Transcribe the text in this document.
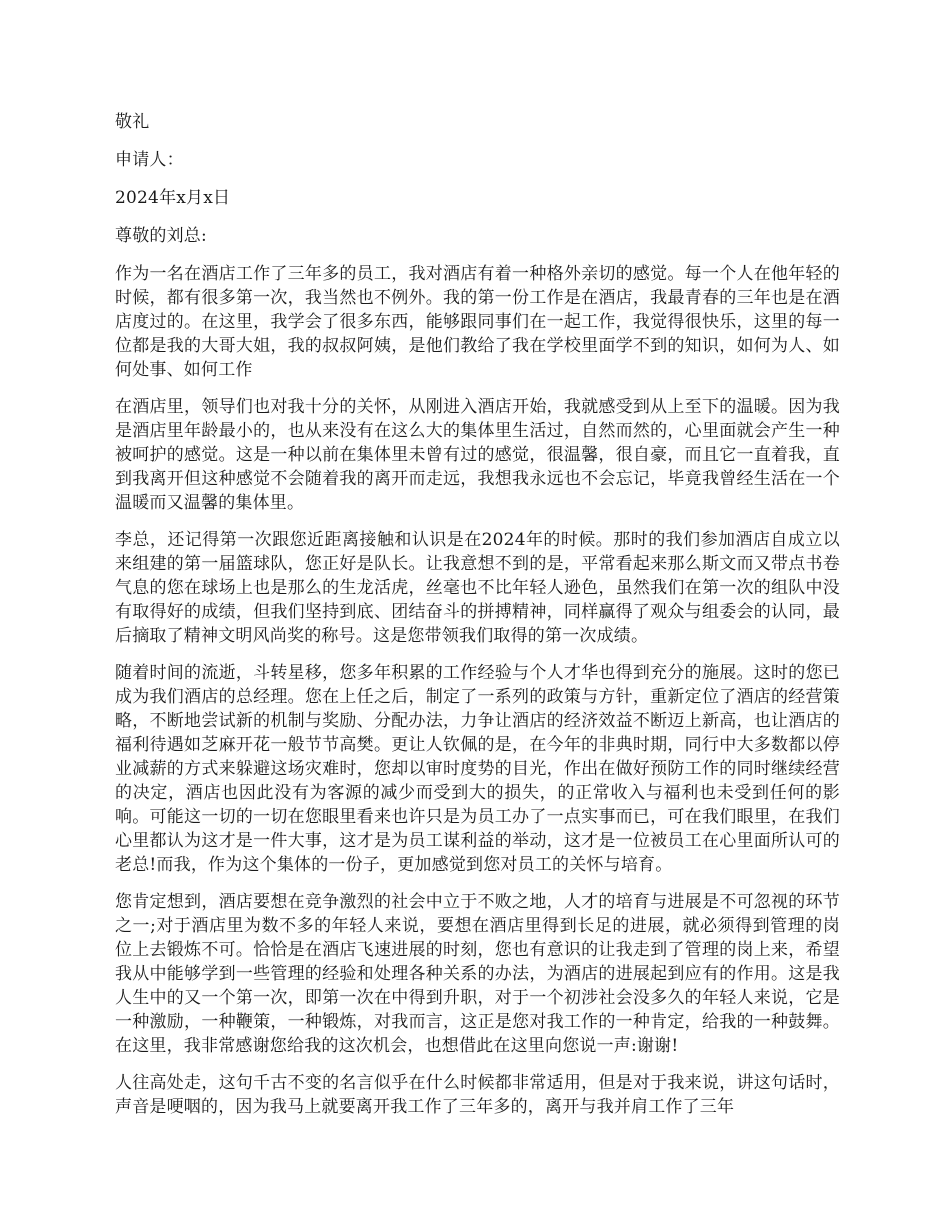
敬礼

申请人：

2024年x月x日

尊敬的刘总:

作为一名在酒店工作了三年多的员工，我对酒店有着一种格外亲切的感觉。每一个人在他年轻的时候，都有很多第一次，我当然也不例外。我的第一份工作是在酒店，我最青春的三年也是在酒店度过的。在这里，我学会了很多东西，能够跟同事们在一起工作，我觉得很快乐，这里的每一位都是我的大哥大姐，我的叔叔阿姨，是他们教给了我在学校里面学不到的知识，如何为人、如何处事、如何工作

在酒店里，领导们也对我十分的关怀，从刚进入酒店开始，我就感受到从上至下的温暖。因为我是酒店里年龄最小的，也从来没有在这么大的集体里生活过，自然而然的，心里面就会产生一种被呵护的感觉。这是一种以前在集体里未曾有过的感觉，很温馨，很自豪，而且它一直着我，直到我离开但这种感觉不会随着我的离开而走远，我想我永远也不会忘记，毕竟我曾经生活在一个温暖而又温馨的集体里。

李总，还记得第一次跟您近距离接触和认识是在2024年的时候。那时的我们参加酒店自成立以来组建的第一届篮球队，您正好是队长。让我意想不到的是，平常看起来那么斯文而又带点书卷气息的您在球场上也是那么的生龙活虎，丝毫也不比年轻人逊色，虽然我们在第一次的组队中没有取得好的成绩，但我们坚持到底、团结奋斗的拼搏精神，同样赢得了观众与组委会的认同，最后摘取了精神文明风尚奖的称号。这是您带领我们取得的第一次成绩。

随着时间的流逝，斗转星移，您多年积累的工作经验与个人才华也得到充分的施展。这时的您已成为我们酒店的总经理。您在上任之后，制定了一系列的政策与方针，重新定位了酒店的经营策略，不断地尝试新的机制与奖励、分配办法，力争让酒店的经济效益不断迈上新高，也让酒店的福利待遇如芝麻开花一般节节高樊。更让人钦佩的是，在今年的非典时期，同行中大多数都以停业减薪的方式来躲避这场灾难时，您却以审时度势的目光，作出在做好预防工作的同时继续经营的决定，酒店也因此没有为客源的减少而受到大的损失，的正常收入与福利也未受到任何的影响。可能这一切的一切在您眼里看来也许只是为员工办了一点实事而已，可在我们眼里，在我们心里都认为这才是一件大事，这才是为员工谋利益的举动，这才是一位被员工在心里面所认可的老总!而我，作为这个集体的一份子，更加感觉到您对员工的关怀与培育。

您肯定想到，酒店要想在竞争激烈的社会中立于不败之地，人才的培育与进展是不可忽视的环节之一;对于酒店里为数不多的年轻人来说，要想在酒店里得到长足的进展，就必须得到管理的岗位上去锻炼不可。恰恰是在酒店飞速进展的时刻，您也有意识的让我走到了管理的岗上来，希望我从中能够学到一些管理的经验和处理各种关系的办法，为酒店的进展起到应有的作用。这是我人生中的又一个第一次，即第一次在中得到升职，对于一个初涉社会没多久的年轻人来说，它是一种激励，一种鞭策，一种锻炼，对我而言，这正是您对我工作的一种肯定，给我的一种鼓舞。在这里，我非常感谢您给我的这次机会，也想借此在这里向您说一声:谢谢!

人往高处走，这句千古不变的名言似乎在什么时候都非常适用，但是对于我来说，讲这句话时，声音是哽咽的，因为我马上就要离开我工作了三年多的，离开与我并肩工作了三年
